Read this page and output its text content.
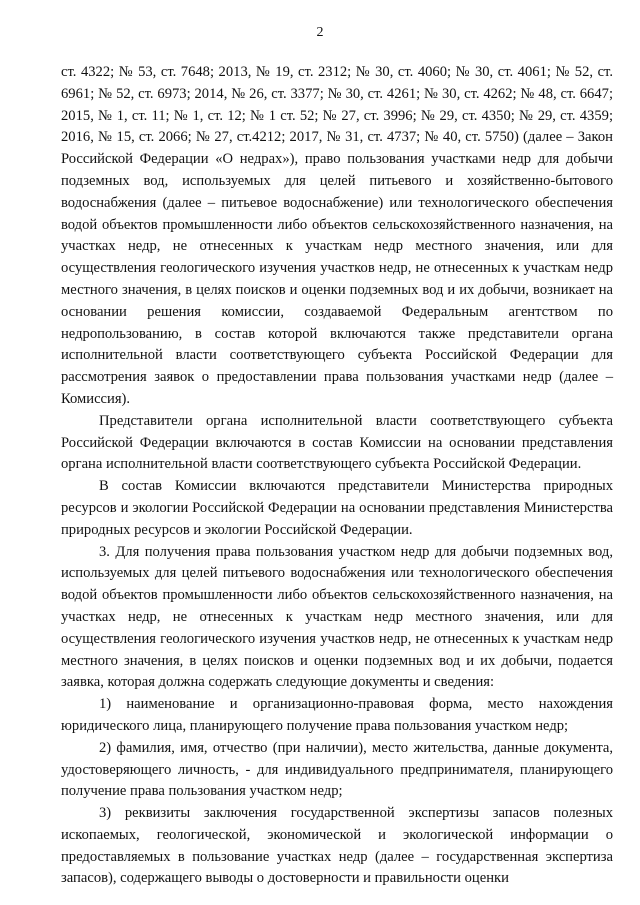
2

ст. 4322; № 53, ст. 7648; 2013, № 19, ст. 2312; № 30, ст. 4060; № 30, ст. 4061; № 52, ст. 6961; № 52, ст. 6973; 2014, № 26, ст. 3377; № 30, ст. 4261; № 30, ст. 4262; № 48, ст. 6647; 2015, № 1, ст. 11; № 1, ст. 12; № 1 ст. 52; № 27, ст. 3996; № 29, ст. 4350; № 29, ст. 4359; 2016, № 15, ст. 2066; № 27, ст.4212; 2017, № 31, ст. 4737; № 40, ст. 5750) (далее – Закон Российской Федерации «О недрах»), право пользования участками недр для добычи подземных вод, используемых для целей питьевого и хозяйственно-бытового водоснабжения (далее – питьевое водоснабжение) или технологического обеспечения водой объектов промышленности либо объектов сельскохозяйственного назначения, на участках недр, не отнесенных к участкам недр местного значения, или для осуществления геологического изучения участков недр, не отнесенных к участкам недр местного значения, в целях поисков и оценки подземных вод и их добычи, возникает на основании решения комиссии, создаваемой Федеральным агентством по недропользованию, в состав которой включаются также представители органа исполнительной власти соответствующего субъекта Российской Федерации для рассмотрения заявок о предоставлении права пользования участками недр (далее – Комиссия).

Представители органа исполнительной власти соответствующего субъекта Российской Федерации включаются в состав Комиссии на основании представления органа исполнительной власти соответствующего субъекта Российской Федерации.

В состав Комиссии включаются представители Министерства природных ресурсов и экологии Российской Федерации на основании представления Министерства природных ресурсов и экологии Российской Федерации.

3. Для получения права пользования участком недр для добычи подземных вод, используемых для целей питьевого водоснабжения или технологического обеспечения водой объектов промышленности либо объектов сельскохозяйственного назначения, на участках недр, не отнесенных к участкам недр местного значения, или для осуществления геологического изучения участков недр, не отнесенных к участкам недр местного значения, в целях поисков и оценки подземных вод и их добычи, подается заявка, которая должна содержать следующие документы и сведения:

1) наименование и организационно-правовая форма, место нахождения юридического лица, планирующего получение права пользования участком недр;

2) фамилия, имя, отчество (при наличии), место жительства, данные документа, удостоверяющего личность, - для индивидуального предпринимателя, планирующего получение права пользования участком недр;

3) реквизиты заключения государственной экспертизы запасов полезных ископаемых, геологической, экономической и экологической информации о предоставляемых в пользование участках недр (далее – государственная экспертиза запасов), содержащего выводы о достоверности и правильности оценки
